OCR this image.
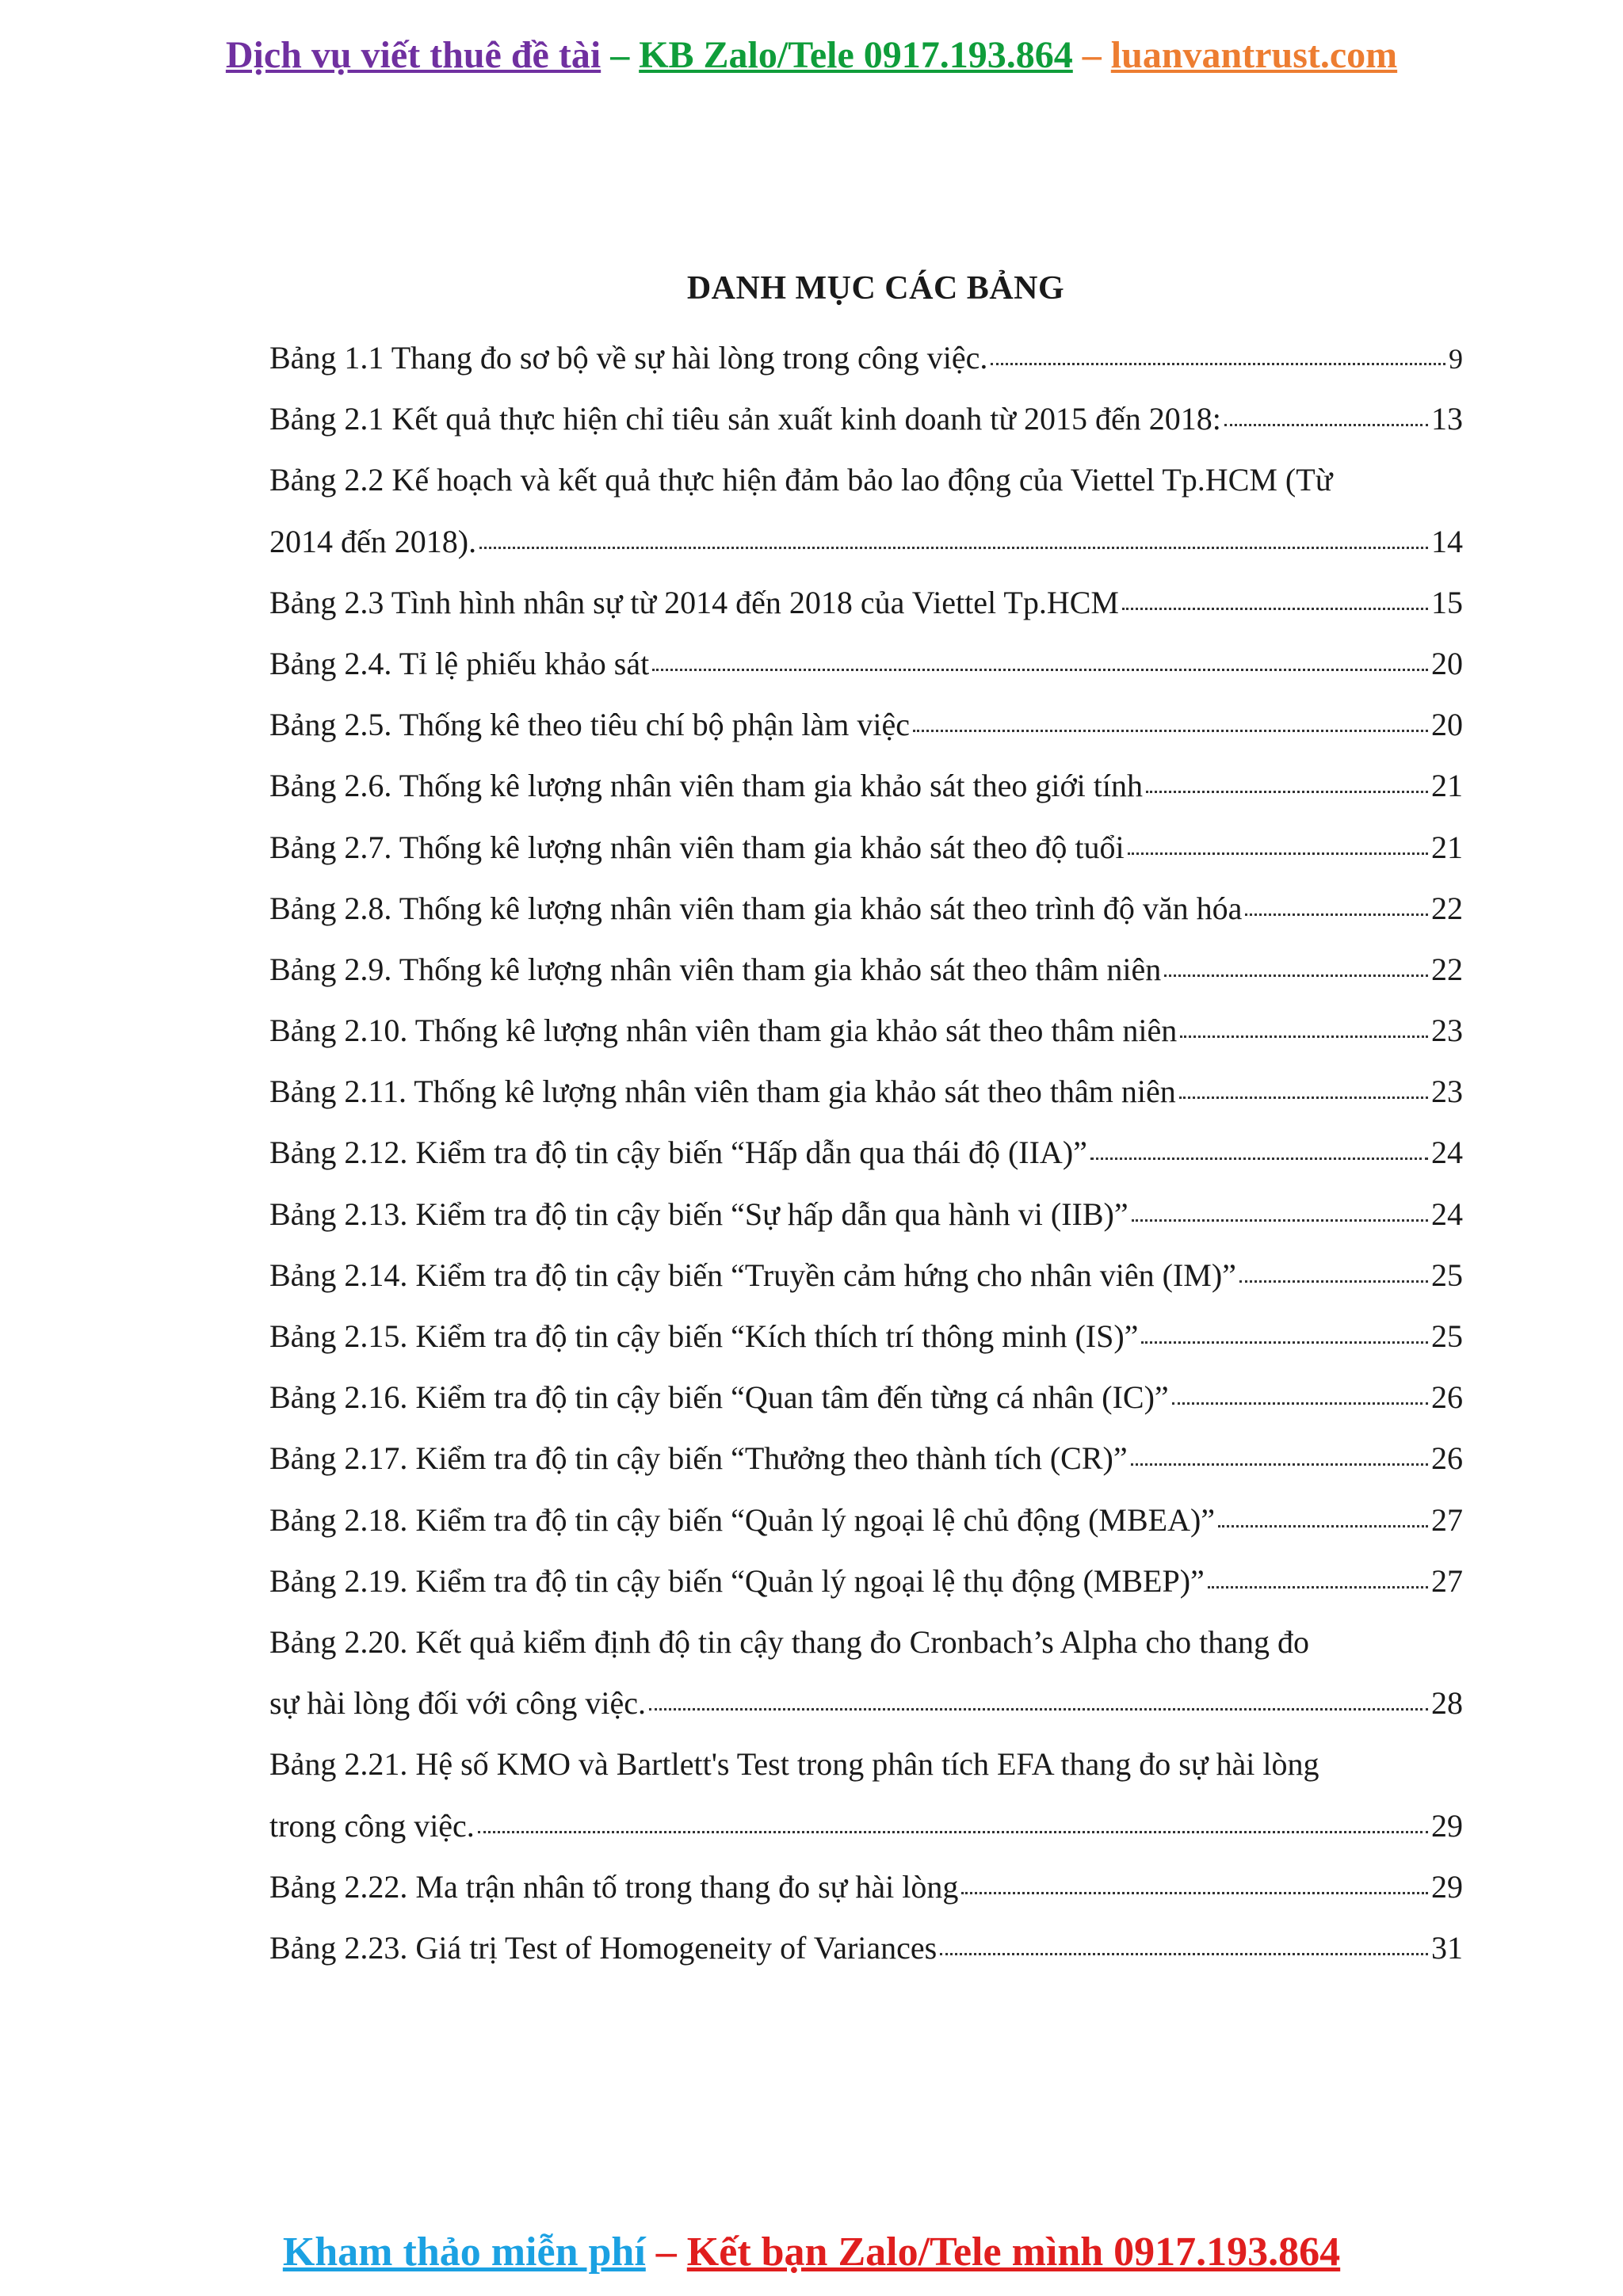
Dịch vụ viết thuê đề tài – KB Zalo/Tele 0917.193.864 – luanvantrust.com
DANH MỤC CÁC BẢNG
Bảng 1.1 Thang đo sơ bộ về sự hài lòng trong công việc.	9
Bảng 2.1 Kết quả thực hiện chỉ tiêu sản xuất kinh doanh từ 2015 đến 2018:	13
Bảng 2.2 Kế hoạch và kết quả thực hiện đảm bảo lao động của Viettel Tp.HCM (Từ
2014 đến 2018).	14
Bảng 2.3 Tình hình nhân sự từ 2014 đến 2018 của Viettel Tp.HCM	15
Bảng 2.4. Tỉ lệ phiếu khảo sát	20
Bảng 2.5. Thống kê theo tiêu chí bộ phận làm việc	20
Bảng 2.6. Thống kê lượng nhân viên tham gia khảo sát theo giới tính	21
Bảng 2.7. Thống kê lượng nhân viên tham gia khảo sát theo độ tuổi	21
Bảng 2.8. Thống kê lượng nhân viên tham gia khảo sát theo trình độ văn hóa	22
Bảng 2.9. Thống kê lượng nhân viên tham gia khảo sát theo thâm niên	22
Bảng 2.10. Thống kê lượng nhân viên tham gia khảo sát theo thâm niên	23
Bảng 2.11. Thống kê lượng nhân viên tham gia khảo sát theo thâm niên	23
Bảng 2.12. Kiểm tra độ tin cậy biến “Hấp dẫn qua thái độ (IIA)”	24
Bảng 2.13. Kiểm tra độ tin cậy biến “Sự hấp dẫn qua hành vi (IIB)”	24
Bảng 2.14. Kiểm tra độ tin cậy biến “Truyền cảm hứng cho nhân viên (IM)”	25
Bảng 2.15. Kiểm tra độ tin cậy biến “Kích thích trí thông minh (IS)”	25
Bảng 2.16. Kiểm tra độ tin cậy biến “Quan tâm đến từng cá nhân (IC)”	26
Bảng 2.17. Kiểm tra độ tin cậy biến “Thưởng theo thành tích (CR)”	26
Bảng 2.18. Kiểm tra độ tin cậy biến “Quản lý ngoại lệ chủ động (MBEA)”	27
Bảng 2.19. Kiểm tra độ tin cậy biến “Quản lý ngoại lệ thụ động (MBEP)”	27
Bảng 2.20. Kết quả kiểm định độ tin cậy thang đo Cronbach’s Alpha cho thang đo
sự hài lòng đối với công việc.	28
Bảng 2.21. Hệ số KMO và Bartlett's Test trong phân tích EFA thang đo sự hài lòng
trong công việc.	29
Bảng 2.22. Ma trận nhân tố trong thang đo sự hài lòng	29
Bảng 2.23. Giá trị Test of Homogeneity of Variances	31
Kham thảo miễn phí – Kết bạn Zalo/Tele mình 0917.193.864
